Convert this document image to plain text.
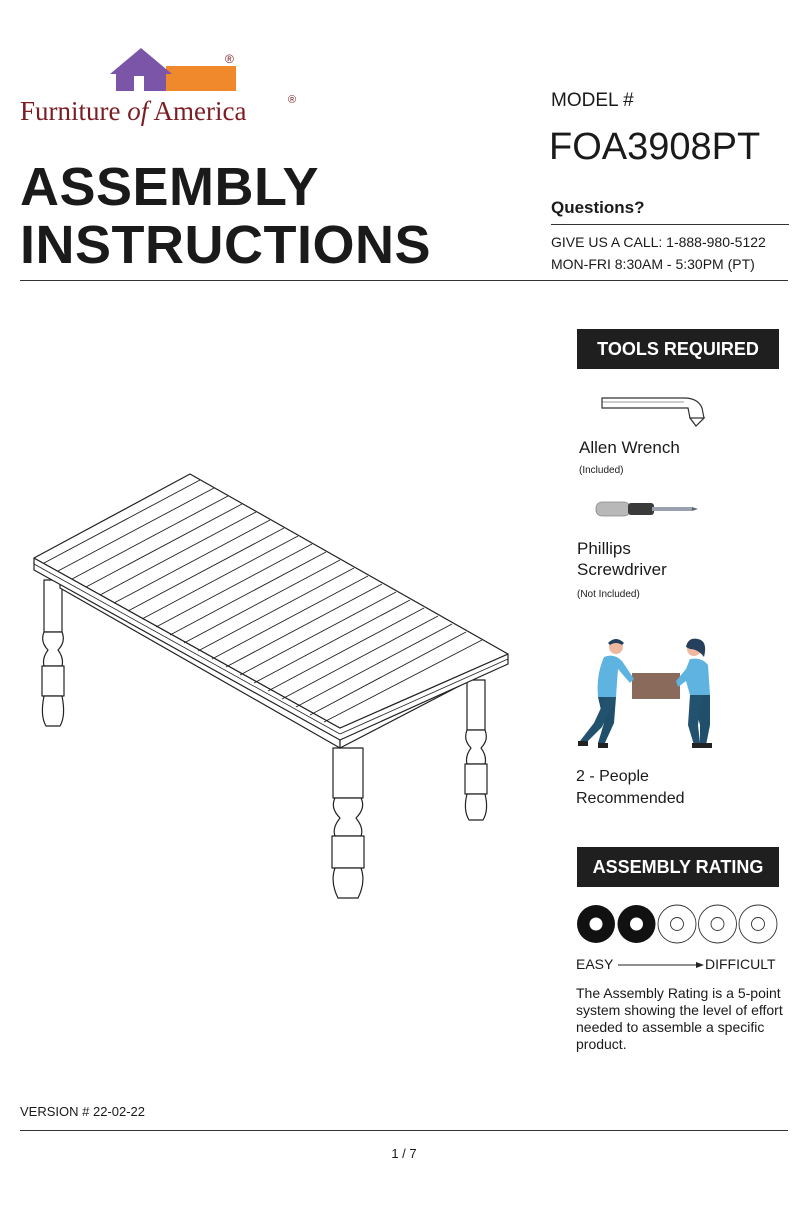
®
Furniture of America	®
ASSEMBLY
INSTRUCTIONS
MODEL #
FOA3908PT
Questions?
GIVE US A CALL: 1-888-980-5122
MON-FRI 8:30AM - 5:30PM (PT)
TOOLS REQUIRED
Allen Wrench
(Included)
Phillips
Screwdriver
(Not Included)
2 - People
Recommended
ASSEMBLY RATING
EASY	DIFFICULT
The Assembly Rating is a 5-point system showing the level of effort needed to assemble a specific product.
VERSION # 22-02-22
1 / 7
